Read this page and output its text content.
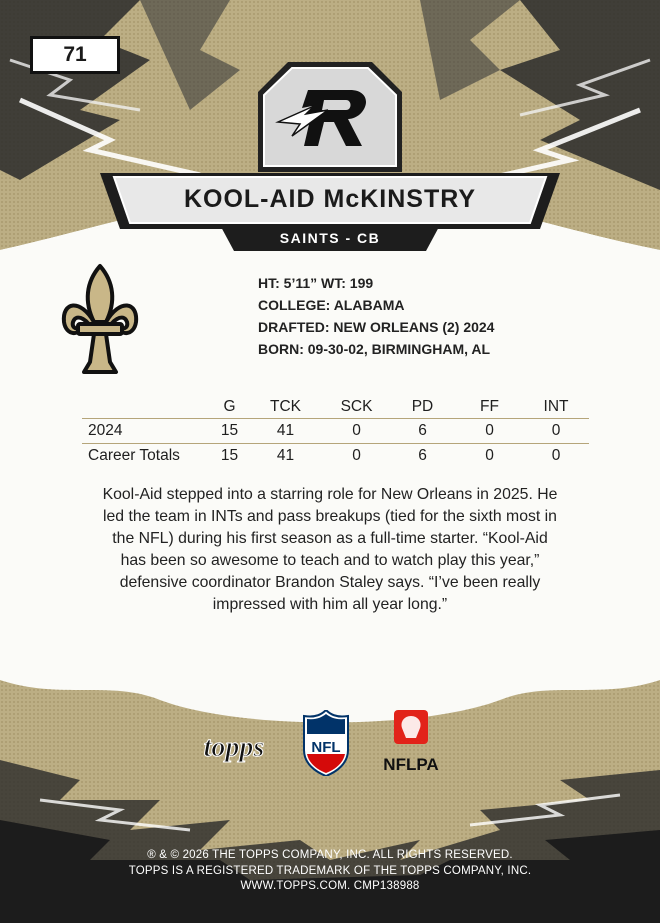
71
KOOL-AID McKINSTRY
SAINTS - CB
HT: 5’11” WT: 199
COLLEGE: ALABAMA
DRAFTED: NEW ORLEANS (2) 2024
BORN: 09-30-02, BIRMINGHAM, AL
	G	TCK	SCK	PD	FF	INT
2024	15	41	0	6	0	0
Career Totals	15	41	0	6	0	0
Kool-Aid stepped into a starring role for New Orleans in 2025. He
led the team in INTs and pass breakups (tied for the sixth most in
the NFL) during his first season as a full-time starter. “Kool-Aid
has been so awesome to teach and to watch play this year,”
defensive coordinator Brandon Staley says. “I’ve been really
impressed with him all year long.”
topps	NFL
NFLPA
® & © 2026 THE TOPPS COMPANY, INC. ALL RIGHTS RESERVED.
TOPPS IS A REGISTERED TRADEMARK OF THE TOPPS COMPANY, INC.
WWW.TOPPS.COM. CMP138988
